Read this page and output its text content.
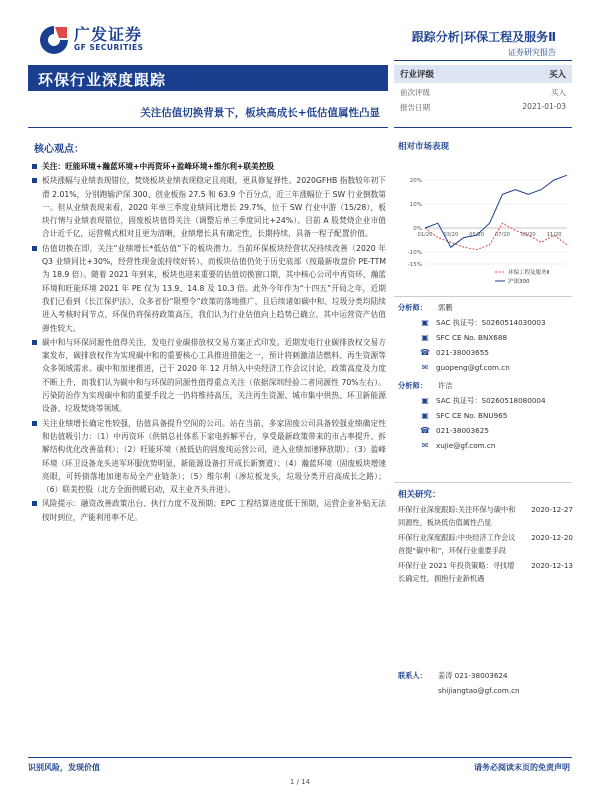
广发证券
GF SECURITIES
跟踪分析|环保工程及服务Ⅱ
证券研究报告
环保行业深度跟踪
关注估值切换背景下，板块高成长+低估值属性凸显
行业评级	买入
前次评级	买入
报告日期	2021-01-03
核心观点：
关注：旺能环境+瀚蓝环境+中再资环+盈峰环境+维尔利+联美控股
板块涨幅与业绩表现错位，焚烧板块业绩表现稳定且亮眼，更具修复弹性。2020GFHB 指数较年初下滑 2.01%，分别跑输沪深 300、创业板指 27.5 和 63.9 个百分点，近三年涨幅位于 SW 行业倒数第一。但从业绩表现来看，2020 年单三季度业绩同比增长 29.7%，位于 SW 行业中游（15/28），板块行情与业绩表现错位，固废板块值得关注（调整后单三季度同比+24%）。目前 A 股焚烧企业市值合计近千亿，运营模式相对且更为清晰，业绩增长具有确定性，长期持续，具备一程子配置价值。
估值切换在即，关注“业绩增长*低估值”下的板块潜力。当前环保板块经营状况持续改善（2020 年 Q3 业绩同比+30%，经营性现金流持续好转），而板块估值仍处于历史底部（按最新收盘价 PE-TTM 为 18.9 倍）。随着 2021 年到来，板块也迎来重要的估值切换窗口期，其中核心公司中再资环、瀚蓝环境和旺能环境 2021 年 PE 仅为 13.9、14.8 及 10.3 倍。此外今年作为“十四五”开局之年，近期我们已看到《长江保护法》、众多省份“限塑令”政策的落地推广，且后续诸如碳中和、垃圾分类均陆续进入考核时间节点，环保仍将保持政策高压，我们认为行业估值向上趋势已确立，其中运营资产估值弹性较大。
碳中和与环保同源性值得关注，发电行业碳排放权交易方案正式印发。近期发电行业碳排放权交易方案发布，碳排放权作为实现碳中和的重要核心工具推进措施之一，预计将刺激清洁燃料、再生资源等众多领域需求。碳中和加速推进，已于 2020 年 12 月纳入中央经济工作会议讨论，政策高度及力度不断上升，而我们认为碳中和与环保的同源性值得重点关注（依据深圳经验二者同源性 70%左右）。污染防治作为实现碳中和的重要手段之一仍将维持高压，关注再生资源、城市集中供热、环卫新能源设备、垃圾焚烧等领域。
关注业绩增长确定性较强，估值具备提升空间的公司。站在当前，多家固废公司具备较强业绩确定性和估值吸引力：（1）中再资环（供销总社体系下家电拆解平台，享受最新政策带来的市占率提升、拆解结构优化改善盈利）；（2）旺能环境（被低估的固废纯运营公司，进入业绩加速释放期）；（3）盈峰环境（环卫设备龙头进军环服优势明显，新能源设备打开成长新赛道）；（4）瀚蓝环境（固废板块增速亮眼，可转债落地加速布局全产业链条）；（5）维尔利（渗垃板龙头，垃圾分类开启高成长之路）；（6）联美控股（北方全面供暖启动，双主业齐头并进）。
风险提示：融资改善政策出台、执行力度不及预期；EPC 工程结算进度低于预期，运营企业补贴无法按时到位，产能利用率不足。
相对市场表现
20%
10%
0%
-10%
-15%
01/20 03/20 05/20 07/20 09/20 11/20
环保工程及服务Ⅱ
沪深300
分析师：	郭鹏
▣	SAC 执证号：S0260514030003
▣	SFC CE No. BNX688
☎ 021-38003655
✉	guopeng@gf.com.cn
分析师：	许洁
▣	SAC 执证号：S0260518080004
▣	SFC CE No. BNU965
☎ 021-38003625
✉	xujie@gf.com.cn
相关研究：
环保行业深度跟踪:关注环保与碳中和同源性，板块低估值属性凸显
2020-12-27
环保行业深度跟踪:中央经济工作会议首提“碳中和”，环保行业重要手段
2020-12-20
环保行业 2021 年投资策略：寻找增长确定性，拥抱行业新机遇
2020-12-13
联系人：	姜涛 021-38003624
shijiangtao@gf.com.cn
识别风险，发现价值	请务必阅读末页的免责声明
1 / 14
